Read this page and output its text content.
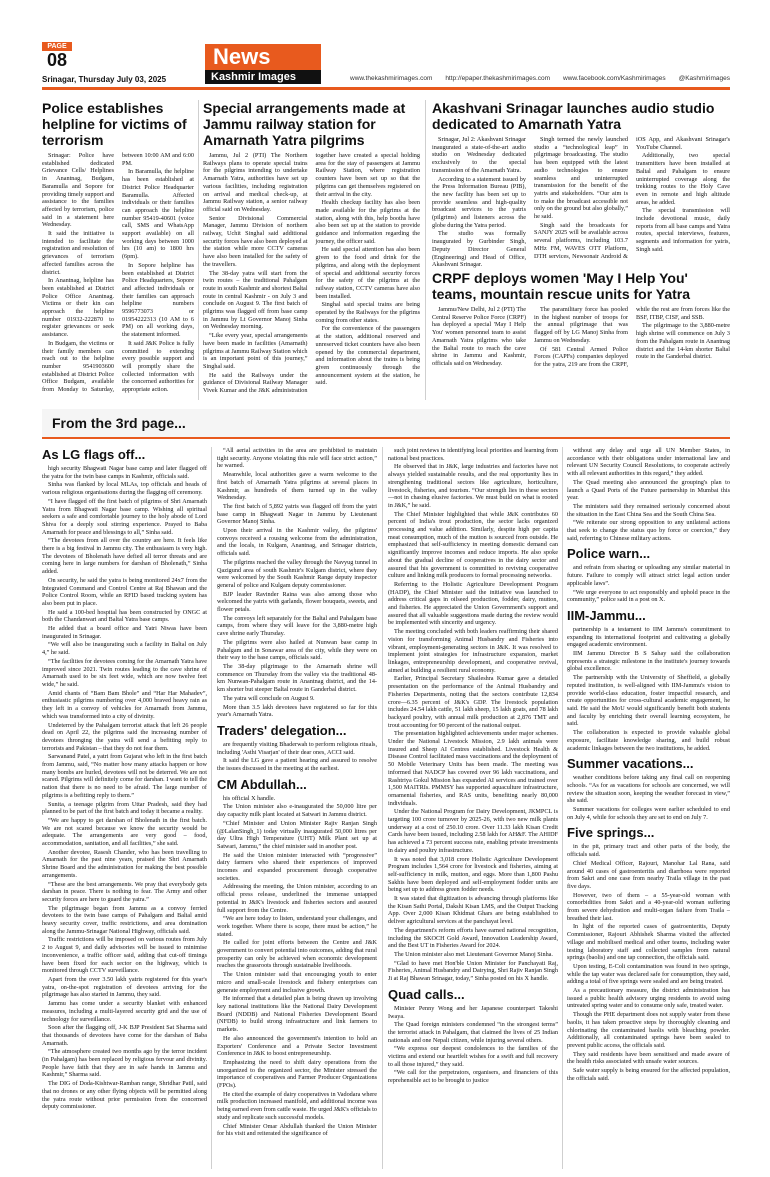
PAGE
08	News
Kashmir Images
Srinagar, Thursday July 03, 2025	www.thekashmirimages.com http://epaper.thekashmirimages.com www.facebook.com/Kashmirimages @Kashmirimages
Police establishes helpline for victims of terrorism

Srinagar: Police have established dedicated Grievance Cells/ Helplines in Anantnag, Budgam, Baramulla and Sopore for providing timely support and assistance to the families affected by terrorism, police said in a statement here Wednesday.

It said the initiative is intended to facilitate the registration and resolution of grievances of terrorism affected families across the district.

In Anantnag, helpline has been established at District Police Office Anantnag. Victims or their kin can approach the helpline number 01932-222870 to register grievances or seek assistance.

In Budgam, the victims or their family members can reach out to the helpline number 9541903600 established at District Police Office Budgam, available from Monday to Saturday, between 10:00 AM and 6:00 PM.

In Baramulla, the helpline has been established at District Police Headquarter Baramulla. Affected individuals or their families can approach the helpline number 95419-40601 (voice call, SMS and WhatsApp support available) on all working days between 1000 hrs (10 am) to 1800 hrs (6pm).

In Sopore helpline has been established at District Police Headquarters, Sopore and affected individuals or their families can approach helpline numbers 9596773073 or 01954222313 (10 AM to 6 PM) on all working days, the statement informed.

It said J&K Police is fully committed to extending every possible support and will promptly share the collected information with the concerned authorities for appropriate action.

Special arrangements made at Jammu railway station for Amarnath Yatra pilgrims

Jammu, Jul 2 (PTI) The Northern Railways plans to operate special trains for the pilgrims intending to undertake Amarnath Yatra, authorities have set up various facilities, including registration on arrival and medical check-up, at Jammu Railway station, a senior railway official said on Wednesday.

Senior Divisional Commercial Manager, Jammu Division of northern railway, Uchit Singhal said additional security forces have also been deployed at the station while more CCTV cameras have also been installed for the safety of the travellers.

The 38-day yatra will start from the twin routes – the traditional Pahalgam route in south Kashmir and shortest Baltal route in central Kashmir - on July 3 and conclude on August 9. The first batch of pilgrims was flagged off from base camp in Jammu by Lt Governor Manoj Sinha on Wednesday morning.

“Like every year, special arrangements have been made in facilities (Amarnath) pilgrims at Jammu Railway Station which is an important point of this journey,” Singhal said.

He said the Railways under the guidance of Divisional Railway Manager Vivek Kumar and the J&K administration together have created a special holding area for the stay of passengers at Jammu Railway Station, where registration counters have been set up so that the pilgrims can get themselves registered on their arrival in the city.

Health checkup facility has also been made available for the pilgrims at the station, along with this, help booths have also been set up at the station to provide guidance and information regarding the journey, the officer said.

He said special attention has also been given to the food and drink for the pilgrims, and along with the deployment of special and additional security forces for the safety of the pilgrims at the railway station, CCTV cameras have also been installed.

Singhal said special trains are being operated by the Railways for the pilgrims coming from other states.

For the convenience of the passengers at the station, additional reserved and unreserved ticket counters have also been opened by the commercial department, and information about the trains is being given continuously through the announcement system at the station, he said.

Akashvani Srinagar launches audio studio dedicated to Amarnath Yatra

Srinagar, Jul 2: Akashvani Srinagar inaugurated a state-of-the-art audio studio on Wednesday dedicated exclusively to the special transmission of the Amarnath Yatra.

According to a statement issued by the Press Information Bureau (PIB), the new facility has been set up to provide seamless and high-quality broadcast services to the yatris (pilgrims) and listeners across the globe during the Yatra period.

The studio was formally inaugurated by Gurbinder Singh, Deputy Director General (Engineering) and Head of Office, Akashvani Srinagar.

Singh termed the newly launched studio a “technological leap” in pilgrimage broadcasting. The studio has been equipped with the latest audio technologies to ensure seamless and uninterrupted transmission for the benefit of the yatris and stakeholders. “Our aim is to make the broadcast accessible not only on the ground but also globally,” he said.

Singh said the broadcasts for SANJY 2025 will be available across several platforms, including 103.7 MHz FM, WAVES OTT Platform, DTH services, Newsonair Android & iOS App, and Akashvani Srinagar's YouTube Channel.

Additionally, two special transmitters have been installed at Baltal and Pahalgam to ensure uninterrupted coverage along the trekking routes to the Holy Cave even in remote and high altitude areas, he added.

The special transmission will include devotional music, daily reports from all base camps and Yatra routes, special interviews, features, segments and information for yatris, Singh said.

CRPF deploys women 'May I Help You' teams, mountain rescue units for Yatra

Jammu/New Delhi, Jul 2 (PTI) The Central Reserve Police Force (CRPF) has deployed a special 'May I Help You' women personnel team to assist Amarnath Yatra pilgrims who take the Baltal route to reach the cave shrine in Jammu and Kashmir, officials said on Wednesday.

The paramilitary force has pooled in the highest number of troops for the annual pilgrimage that was flagged off by LG Manoj Sinha from Jammu on Wednesday.

Of 581 Central Armed Police Forces (CAPFs) companies deployed for the yatra, 219 are from the CRPF, while the rest are from forces like the BSF, ITBP, CISF, and SSB.

The pilgrimage to the 3,880-metre high shrine will commence on July 3 from the Pahalgam route in Anantnag district and the 14-km shorter Baltal route in the Ganderbal district.

From the 3rd page...
As LG flags off...

high security Bhagwati Nagar base camp and later flagged off the yatra for the twin base camps in Kashmir, officials said.

Sinha was flanked by local MLAs, top officials and heads of various religious organisations during the flagging off ceremony.

“I have flagged off the first batch of pilgrims of Shri Amarnath Yatra from Bhagwati Nagar base camp. Wishing all spiritual seekers a safe and comfortable journey to the holy abode of Lord Shiva for a deeply soul stirring experience. Prayed to Baba Amarnath for peace and blessings to all,” Sinha said.

“The devotees from all over the country are here. It feels like there is a big festival in Jammu city. The enthusiasm is very high. The devotees of Bholenath have defied all terror threats and are coming here in large numbers for darshan of Bholenath,” Sinha added.

On security, he said the yatra is being monitored 24x7 from the Integrated Command and Control Centre at Raj Bhawan and the Police Control Room, while an RFID based tracking system has also been put in place.

He said a 100-bed hospital has been constructed by ONGC at both the Chandanwari and Baltal Yatra base camps.

He added that a board office and Yatri Niwas have been inaugurated in Srinagar.

“We will also be inaugurating such a facility in Baltal on July 4,” he said.

“The facilities for devotees coming for the Amarnath Yatra have improved since 2021. Twin routes leading to the cave shrine of Amarnath used to be six feet wide, which are now twelve feet wide,” he said.

Amid chants of “Bam Bam Bhole” and “Har Har Mahadev”, enthusiastic pilgrims numbering over 4,000 braved heavy rain as they left in a convoy of vehicles for Amarnath from Jammu, which was transformed into a city of divinity.

Undeterred by the Pahalgam terrorist attack that left 26 people dead on April 22, the pilgrims said the increasing number of devotees thronging the yatra will send a befitting reply to terrorists and Pakistan – that they do not fear them.

Sarwanand Patel, a yatri from Gujarat who left in the first batch from Jammu, said, “No matter how many attacks happen or how many bombs are hurled, devotees will not be deterred. We are not scared. Pilgrims will definitely come for darshan. I want to tell the nation that there is no need to be afraid. The large number of pilgrims is a befitting reply to them.”

Sunita, a teenage pilgrim from Uttar Pradesh, said they had planned to be part of the first batch and today it became a reality.

“We are happy to get darshan of Bholenath in the first batch. We are not scared because we know the security would be adequate. The arrangements are very good – food, accommodation, sanitation, and all facilities,” she said.

Another devotee, Rasesh Chander, who has been travelling to Amarnath for the past nine years, praised the Shri Amarnath Shrine Board and the administration for making the best possible arrangements.

“These are the best arrangements. We pray that everybody gets darshan in peace. There is nothing to fear. The Army and other security forces are here to guard the yatra.”

The pilgrimage began from Jammu as a convoy ferried devotees to the twin base camps of Pahalgam and Baltal amid heavy security cover, traffic restrictions, and area domination along the Jammu-Srinagar National Highway, officials said.

Traffic restrictions will be imposed on various routes from July 2 to August 9, and daily advisories will be issued to minimise inconvenience, a traffic officer said, adding that cut-off timings have been fixed for each sector on the highway, which is monitored through CCTV surveillance.

Apart from the over 3.50 lakh yatris registered for this year's yatra, on-the-spot registration of devotees arriving for the pilgrimage has also started in Jammu, they said.

Jammu has come under a security blanket with enhanced measures, including a multi-layered security grid and the use of technology for surveillance.

Soon after the flagging off, J-K BJP President Sat Sharma said that thousands of devotees have come for the darshan of Baba Amarnath.

“The atmosphere created two months ago by the terror incident (in Pahalgam) has been replaced by religious fervour and divinity. People have faith that they are in safe hands in Jammu and Kashmir,” Sharma said.

The DIG of Doda-Kishtwar-Ramban range, Shridhar Patil, said that no drones or any other flying objects will be permitted along the yatra route without prior permission from the concerned deputy commissioner.

“All aerial activities in the area are prohibited to maintain tight security. Anyone violating this rule will face strict action,” he warned.

Meanwhile, local authorities gave a warm welcome to the first batch of Amarnath Yatra pilgrims at several places in Kashmir, as hundreds of them turned up in the valley Wednesday.

The first batch of 5,892 yatris was flagged off from the yatri base camp in Bhagwati Nagar in Jammu by Lieutenant Governor Manoj Sinha.

Upon their arrival in the Kashmir valley, the pilgrims' convoys received a rousing welcome from the administration, and the locals, in Kulgam, Anantnag, and Srinagar districts, officials said.

The pilgrims reached the valley through the Navyug tunnel in Qazigund area of south Kashmir's Kulgam district, where they were welcomed by the South Kashmir Range deputy inspector general of police and Kulgam deputy commissioner.

BJP leader Ravinder Raina was also among those who welcomed the yatris with garlands, flower bouquets, sweets, and flower petals.

The convoys left separately for the Baltal and Pahalgam base camps, from where they will leave for the 3,880-metre high cave shrine early Thursday.

The pilgrims were also hailed at Nunwan base camp in Pahalgam and in Sonawar area of the city, while they were on their way to the base camps, officials said.

The 38-day pilgrimage to the Amarnath shrine will commence on Thursday from the valley via the traditional 48-km Nunwan-Pahalgam route in Anantnag district, and the 14-km shorter but steeper Baltal route in Ganderbal district.

The yatra will conclude on August 9.

More than 3.5 lakh devotees have registered so far for this year's Amarnath Yatra.

Traders' delegation...

are frequently visiting Bhaderwah to perform religious rituals, including 'Asthi Visarjan' of their dear ones, ACCI said.

It said the LG gave a patient hearing and assured to resolve the issues discussed in the meeting at the earliest.

CM Abdullah...

his official X handle.

The Union minister also e-inaugurated the 50,000 litre per day capacity milk plant located at Satwari in Jammu district.

“Chief Minister and Union Minister Rajiv Ranjan Singh (@LalanSingh_1) today virtually inaugurated 50,000 litres per day Ultra High Temperature (UHT) Milk Plant set up at Satwari, Jammu,” the chief minister said in another post.

He said the Union minister interacted with “progressive” dairy farmers who shared their experiences of improved incomes and expanded procurement through cooperative societies.

Addressing the meeting, the Union minister, according to an official press release, underlined the immense untapped potential in J&K's livestock and fisheries sectors and assured full support from the Centre.

“We are here today to listen, understand your challenges, and work together. Where there is scope, there must be action,” he stated.

He called for joint efforts between the Centre and J&K government to convert potential into outcomes, adding that rural prosperity can only be achieved when economic development reaches the grassroots through sustainable livelihoods.

The Union minister said that encouraging youth to enter micro and small-scale livestock and fishery enterprises can generate employment and inclusive growth.

He informed that a detailed plan is being drawn up involving key national institutions like the National Dairy Development Board (NDDB) and National Fisheries Development Board (NFDB) to build strong infrastructure and link farmers to markets.

He also announced the government's intention to hold an Exporters' Conference and a Private Sector Investment Conference in J&K to boost entrepreneurship.

Emphasizing the need to shift dairy operations from the unorganized to the organized sector, the Minister stressed the importance of cooperatives and Farmer Producer Organizations (FPOs).

He cited the example of dairy cooperatives in Vadodara where milk production increased manifold, and additional income was being earned even from cattle waste. He urged J&K's officials to study and replicate such successful models.

Chief Minister Omar Abdullah thanked the Union Minister for his visit and reiterated the significance of

such joint reviews in identifying local priorities and learning from national best practices.

He observed that in J&K, large industries and factories have not always yielded sustainable results, and the real opportunity lies in strengthening traditional sectors like agriculture, horticulture, livestock, fisheries, and tourism. “Our strength lies in these sectors—not in chasing elusive factories. We must build on what is rooted in J&K,” he said.

The Chief Minister highlighted that while J&K contributes 60 percent of India's trout production, the sector lacks organized processing and value addition. Similarly, despite high per capita meat consumption, much of the mutton is sourced from outside. He emphasized that self-sufficiency in meeting domestic demand can significantly improve incomes and reduce imports. He also spoke about the gradual decline of cooperatives in the dairy sector and assured that his government is committed to reviving cooperative culture and linking milk producers to formal processing networks.

Referring to the Holistic Agriculture Development Program (HADP), the Chief Minister said the initiative was launched to address critical gaps in oilseed production, fodder, dairy, mutton, and fisheries. He appreciated the Union Government's support and assured that all valuable suggestions made during the review would be implemented with sincerity and urgency.

The meeting concluded with both leaders reaffirming their shared vision for transforming Animal Husbandry and Fisheries into vibrant, employment-generating sectors in J&K. It was resolved to implement joint strategies for infrastructure expansion, market linkages, entrepreneurship development, and cooperative revival, aimed at building a resilient rural economy.

Earlier, Principal Secretary Shaileshra Kumar gave a detailed presentation on the performance of the Animal Husbandry and Fisheries Departments, noting that the sectors contribute 12,834 crore—6.35 percent of J&K's GDP. The livestock population includes 24.54 lakh cattle, 51 lakh sheep, 15 lakh goats, and 78 lakh backyard poultry, with annual milk production at 2,876 TMT and trout accounting for 90 percent of the national output.

The presentation highlighted achievements under major schemes. Under the National Livestock Mission, 2.9 lakh animals were insured and Sheep AI Centres established. Livestock Health & Disease Control facilitated mass vaccinations and the deployment of 50 Mobile Veterinary Units has been made. The meeting was informed that NADCP has covered over 96 lakh vaccinations, and Rashtriya Gokul Mission has expanded AI services and trained over 1,500 MAITRIs. PMMSY has supported aquaculture infrastructure, ornamental fisheries, and RAS units, benefiting nearly 80,000 individuals.

Under the National Program for Dairy Development, JKMPCL is targeting 100 crore turnover by 2025-26, with two new milk plants underway at a cost of 250.10 crore. Over 11.33 lakh Kisan Credit Cards have been issued, including 2.58 lakh for AH&F. The AHIDF has achieved a 73 percent success rate, enabling private investments in dairy and poultry infrastructure.

It was noted that 3,018 crore Holistic Agriculture Development Program includes 1,564 crore for livestock and fisheries, aiming at self-sufficiency in milk, mutton, and eggs. More than 1,800 Pashu Sakhis have been deployed and self-employment fodder units are being set up to address green fodder needs.

It was stated that digitization is advancing through platforms like the Kisan Sathi Portal, Dakshi Kisan LMS, and the Output Tracking App. Over 2,000 Kisan Khidmat Ghars are being established to deliver agricultural services at the panchayat level.

The department's reform efforts have earned national recognition, including the SKOCH Gold Award, Innovation Leadership Award, and the Best UT in Fisheries Award for 2024.

The Union minister also met Lieutenant Governor Manoj Sinha.

“Glad to have met Hon'ble Union Minister for Panchayati Raj, Fisheries, Animal Husbandry and Dairying, Shri Rajiv Ranjan Singh Ji at Raj Bhawan Srinagar, today,” Sinha posted on his X handle.

Quad calls...

Minister Penny Wong and her Japanese counterpart Takeshi Iwaya.

The Quad foreign ministers condemned “in the strongest terms” the terrorist attack in Pahalgam, that claimed the lives of 25 Indian nationals and one Nepali citizen, while injuring several others.

“We express our deepest condolences to the families of the victims and extend our heartfelt wishes for a swift and full recovery to all those injured,” they said.

“We call for the perpetrators, organisers, and financiers of this reprehensible act to be brought to justice

without any delay and urge all UN Member States, in accordance with their obligations under international law and relevant UN Security Council Resolutions, to cooperate actively with all relevant authorities in this regard,” they added.

The Quad meeting also announced the grouping's plan to launch a Quad Ports of the Future partnership in Mumbai this year.

The ministers said they remained seriously concerned about the situation in the East China Sea and the South China Sea.

“We reiterate our strong opposition to any unilateral actions that seek to change the status quo by force or coercion,” they said, referring to Chinese military actions.

Police warn...

and refrain from sharing or uploading any similar material in future. Failure to comply will attract strict legal action under applicable laws”.

“We urge everyone to act responsibly and uphold peace in the community,” police said in a post on X.

IIM-Jammu...

partnership is a testament to IIM Jammu's commitment to expanding its international footprint and cultivating a globally engaged academic environment.

IIM Jammu Director B S Sahay said the collaboration represents a strategic milestone in the institute's journey towards global excellence.

The partnership with the University of Sheffield, a globally reputed institution, is well-aligned with IIM-Jammu's vision to provide world-class education, foster impactful research, and create opportunities for cross-cultural academic engagement, he said. He said the MoU would significantly benefit both students and faculty by enriching their overall learning ecosystem, he said.

The collaboration is expected to provide valuable global exposure, facilitate knowledge sharing, and build robust academic linkages between the two institutions, he added.

Summer vacations...

weather conditions before taking any final call on reopening schools. “As for as vacations for schools are concerned, we will review the situation soon, keeping the weather forecast in view,” she said.

Summer vacations for colleges were earlier scheduled to end on July 4, while for schools they are set to end on July 7.

Five springs...

in the pit, primary tract and other parts of the body, the officials said.

Chief Medical Officer, Rajouri, Manohar Lal Rana, said around 40 cases of gastroenteritis and diarrhoea were reported from Sakri and one case from nearby Traila village in the past five days.

However, two of them – a 55-year-old woman with comorbidities from Sakri and a 40-year-old woman suffering from severe dehydration and multi-organ failure from Traila – breathed their last.

In light of the reported cases of gastroenteritis, Deputy Commissioner, Rajouri Abhishek Sharma visited the affected village and mobilised medical and other teams, including water testing laboratory staff and collected samples from natural springs (baolis) and one tap connection, the officials said.

Upon testing, E-Coli contamination was found in two springs, while the tap water was declared safe for consumption, they said, adding a total of five springs were sealed and are being treated.

As a precautionary measure, the district administration has issued a public health advisory urging residents to avoid using untreated spring water and to consume only safe, treated water.

Though the PHE department does not supply water from these baolis, it has taken proactive steps by thoroughly cleaning and chlorinating the contaminated baolis with bleaching powder. Additionally, all contaminated springs have been sealed to prevent public access, the officials said.

They said residents have been sensitised and made aware of the health risks associated with unsafe water sources.

Safe water supply is being ensured for the affected population, the officials said.
